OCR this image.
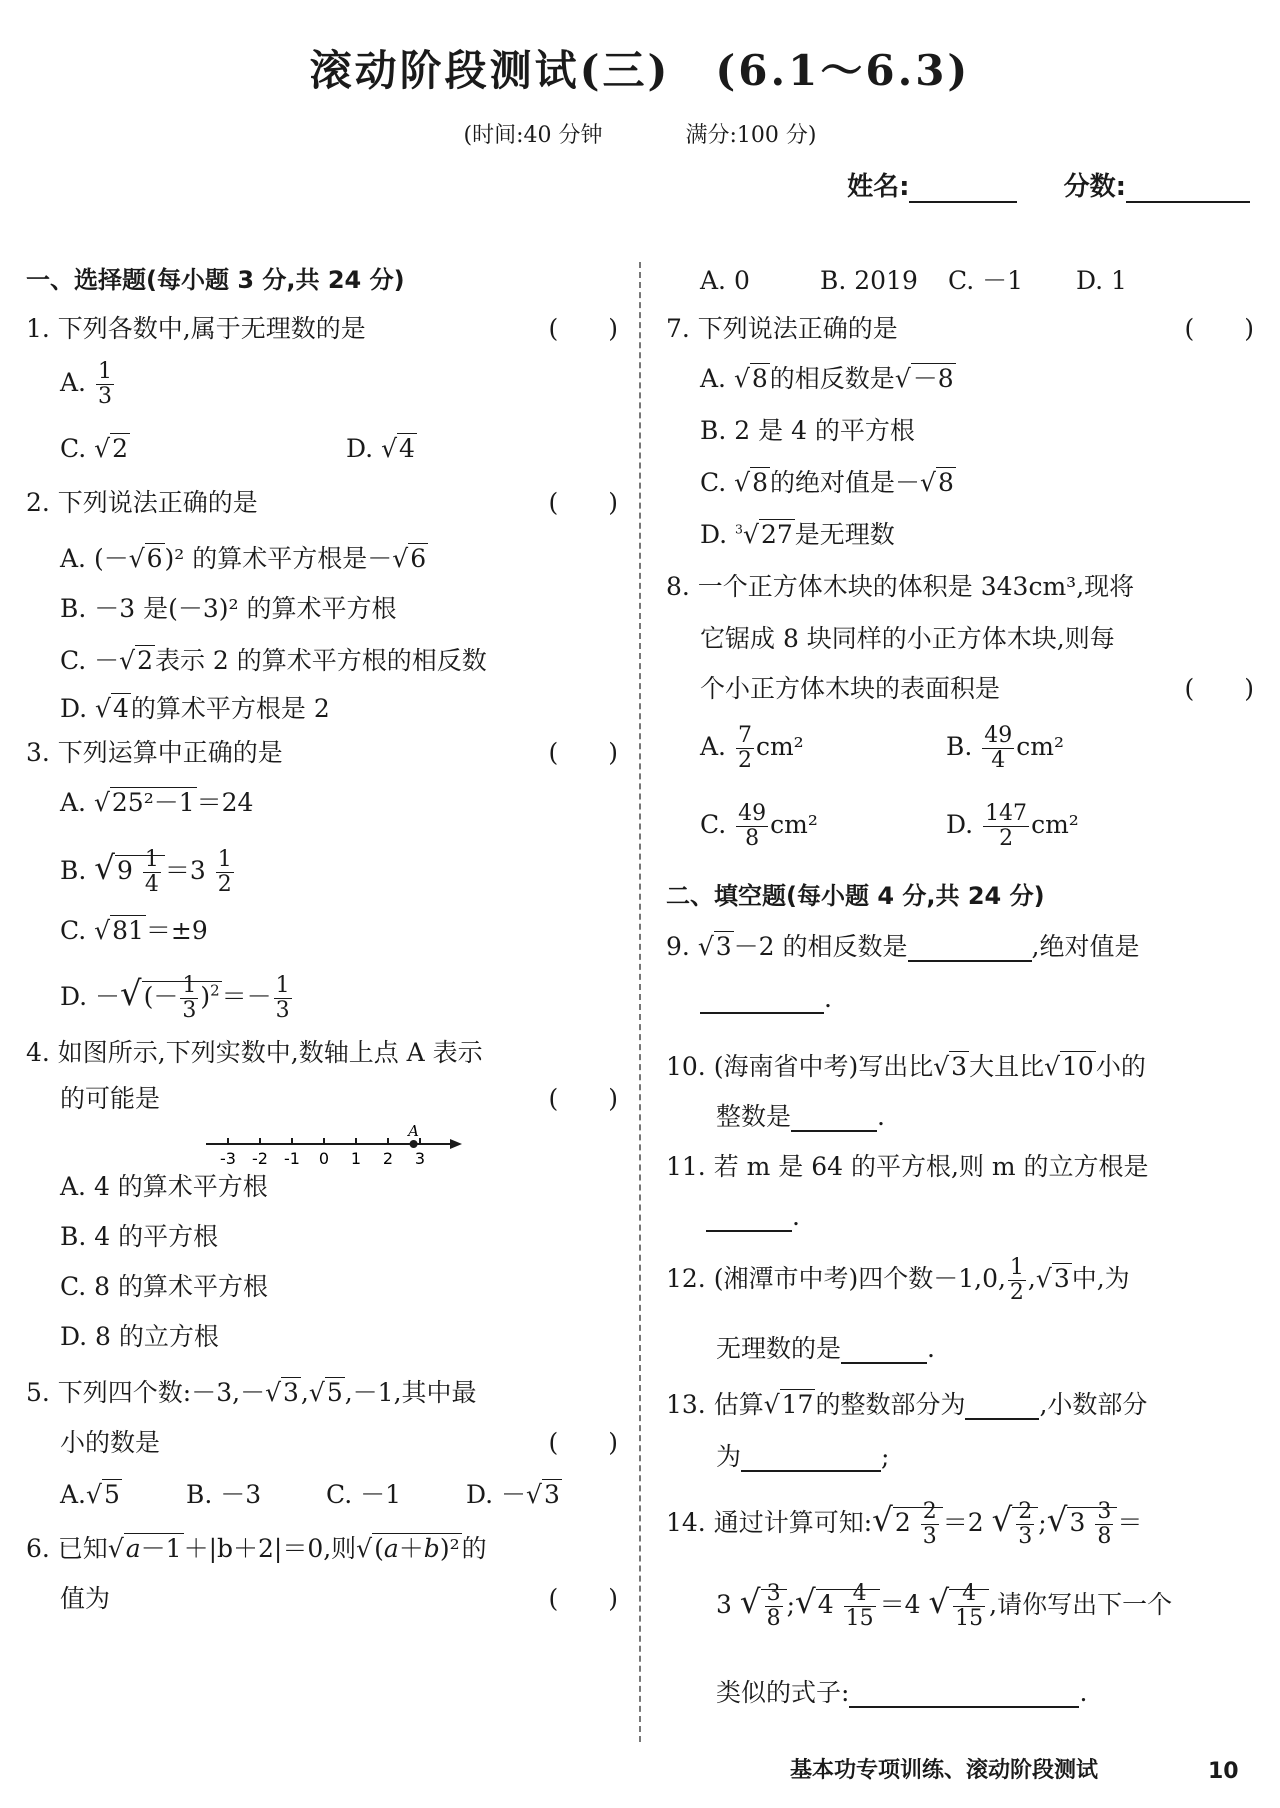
滚动阶段测试(三)　(6.1～6.3)
(时间:40 分钟	满分:100 分)
姓名:	分数:
一、选择题(每小题 3 分,共 24 分)
1. 下列各数中,属于无理数的是	(　　)
A. $\frac{1}{3}$
C. √2	D. √4
2. 下列说法正确的是	(　　)
A. (－√6)² 的算术平方根是－√6
B. －3 是(－3)² 的算术平方根
C. －√2表示 2 的算术平方根的相反数
D. √4的算术平方根是 2
3. 下列运算中正确的是	(　　)
A. √25²－1＝24
B. $√9 \frac{1}{4} =3 \frac{1}{2}$
C. √81＝±9
D. －√(－ $\frac{1}{3} )^2=- \frac{1}{3}$
4. 如图所示,下列实数中,数轴上点 A 表示
的可能是	(　　)
-3 -2 -1 0 1 2 3
A
A. 4 的算术平方根
B. 4 的平方根
C. 8 的算术平方根
D. 8 的立方根
5. 下列四个数:－3,－√3,√5,－1,其中最
小的数是	(　　)
A.√5	B. －3	C. －1	D. －√3
6. 已知√a－1＋|b＋2|＝0,则√(a＋b)²的
值为	(　　)
A. 0	B. 2019 C. －1 D. 1
7. 下列说法正确的是	(　　)
A. √8的相反数是√－8
B. 2 是 4 的平方根
C. √8的绝对值是－√8
D. $^3$√27是无理数
8. 一个正方体木块的体积是 343cm³,现将
它锯成 8 块同样的小正方体木块,则每
个小正方体木块的表面积是	(　　)
A. $\frac{7}{2} cm^2$	B. $\frac{49}{4} cm^2$
C. $\frac{49}{8} cm^2$	D. $\frac{147}{2} cm^2$
二、填空题(每小题 4 分,共 24 分)
9. √3－2 的相反数是	,绝对值是
.
10. (海南省中考)写出比√3大且比√10小的
整数是	.
11. 若 m 是 64 的平方根,则 m 的立方根是
.
12. (湘潭市中考)四个数－1,0, $\frac{1}{2} ,√3$中,为
无理数的是	.
13. 估算√17的整数部分为	,小数部分
为	;
14. 通过计算可知:√2 $\frac{2}{3} =2$ √ $\frac{2}{3}$ ;√3 $\frac{3}{8}$ ＝
3 √ $\frac{3}{8}$ ;√4 $\frac{4}{15} =4$ √ $\frac{4}{15}$ ,请你写出下一个
类似的式子:	.
基本功专项训练、滚动阶段测试	10
